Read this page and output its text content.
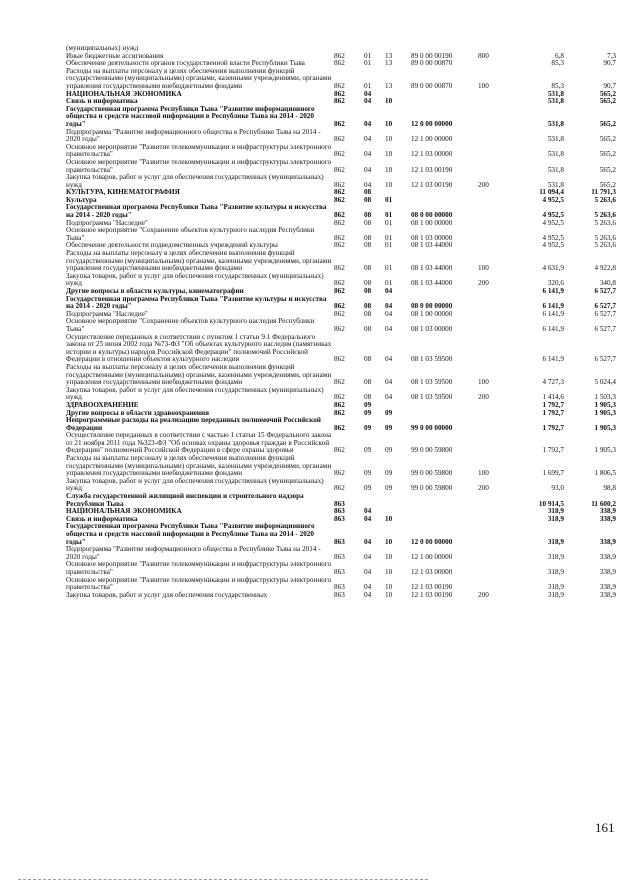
(муниципальных) нужд
Иные бюджетные ассигнования	862	01 13	89 0 00 00190	800	6,8	7,3
Обеспечение деятельности органов государственной власти Республики Тыва	862	01 13	89 0 00 00870	85,3	90,7
Расходы на выплаты персоналу в целях обеспечения выполнения функций государственными (муниципальными) органами, казенными учреждениями, органами управления государственными внебюджетными фондами	862	01 13	89 0 00 00870	100	85,3	90,7
НАЦИОНАЛЬНАЯ ЭКОНОМИКА	862	04	531,8	565,2
Связь и информатика	862	04 10	531,8	565,2
Государственная программа Республики Тыва "Развитие информационного общества и средств массовой информации в Республике Тыва на 2014 - 2020 годы"	862	04 10	12 0 00 00000	531,8	565,2
Подпрограмма "Развитие информационного общества в Республике Тыва на 2014 - 2020 годы"	862	04 10	12 1 00 00000	531,8	565,2
Основное мероприятие "Развитие телекоммуникации и инфраструктуры электронного правительства"	862	04 10	12 1 03 00000	531,8	565,2
Основное мероприятие "Развитие телекоммуникации и инфраструктуры электронного правительства"	862	04 10	12 1 03 00190	531,8	565,2
Закупка товаров, работ и услуг для обеспечения государственных (муниципальных) нужд	862	04 10	12 1 03 00190	200	531,8	565,2
КУЛЬТУРА, КИНЕМАТОГРАФИЯ	862	08	11 094,4	11 791,3
Культура	862	08 01	4 952,5	5 263,6
Государственная программа Республики Тыва "Развитие культуры и искусства на 2014 - 2020 годы"	862	08 01	08 0 00 00000	4 952,5	5 263,6
Подпрограмма "Наследие"	862	08 01	08 1 00 00000	4 952,5	5 263,6
Основное мероприятие "Сохранение объектов культурного наследия Республики Тыва"	862	08 01	08 1 03 00000	4 952,5	5 263,6
Обеспечение деятельности подведомственных учреждений культуры	862	08 01	08 1 03 44000	4 952,5	5 263,6
Расходы на выплаты персоналу в целях обеспечения выполнения функций государственными (муниципальными) органами, казенными учреждениями, органами управления государственными внебюджетными фондами	862	08 01	08 1 03 44000	100	4 631,9	4 922,8
Закупка товаров, работ и услуг для обеспечения государственных (муниципальных) нужд	862	08 01	08 1 03 44000	200	320,6	340,8
Другие вопросы в области культуры, кинематографии	862	08 04	6 141,9	6 527,7
Государственная программа Республики Тыва "Развитие культуры и искусства на 2014 - 2020 годы"	862	08 04	08 0 00 00000	6 141,9	6 527,7
Подпрограмма "Наследие"	862	08 04	08 1 00 00000	6 141,9	6 527,7
Основное мероприятие "Сохранение объектов культурного наследия Республики Тыва"	862	08 04	08 1 03 00000	6 141,9	6 527,7
Осуществление переданных в соответствии с пунктом 1 статьи 9.1 Федерального закона от 25 июня 2002 года №73-ФЗ "Об объектах культурного наследия (памятниках истории и культуры) народов Российской Федерации" полномочий Российской Федерации в отношении объектов культурного наследия	862	08 04	08 1 03 59500	6 141,9	6 527,7
Расходы на выплаты персоналу в целях обеспечения выполнения функций государственными (муниципальными) органами, казенными учреждениями, органами управления государственными внебюджетными фондами	862	08 04	08 1 03 59500	100	4 727,3	5 024,4
Закупка товаров, работ и услуг для обеспечения государственных (муниципальных) нужд	862	08 04	08 1 03 59500	200	1 414,6	1 503,3
ЗДРАВООХРАНЕНИЕ	862	09	1 792,7	1 905,3
Другие вопросы в области здравоохранения	862	09 09	1 792,7	1 905,3
Непрограммные расходы на реализацию переданных полномочий Российской Федерации	862	09 09	99 0 00 00000	1 792,7	1 905,3
Осуществление переданных в соответствии с частью 1 статьи 15 Федерального закона от 21 ноября 2011 года №323-ФЗ "Об основах охраны здоровья граждан в Российской Федерации" полномочий Российской Федерации в сфере охраны здоровья	862	09 09	99 0 00 59800	1 792,7	1 905,3
Расходы на выплаты персоналу в целях обеспечения выполнения функций государственными (муниципальными) органами, казенными учреждениями, органами управления государственными внебюджетными фондами	862	09 09	99 0 00 59800	100	1 699,7	1 806,5
Закупка товаров, работ и услуг для обеспечения государственных (муниципальных) нужд	862	09 09	99 0 00 59800	200	93,0	98,8
Служба государственной жилищной инспекции и строительного надзора Республики Тыва	863	10 914,5	11 600,2
НАЦИОНАЛЬНАЯ ЭКОНОМИКА	863	04	318,9	338,9
Связь и информатика	863	04 10	318,9	338,9
Государственная программа Республики Тыва "Развитие информационного общества и средств массовой информации в Республике Тыва на 2014 - 2020 годы"	863	04 10	12 0 00 00000	318,9	338,9
Подпрограмма "Развитие информационного общества в Республике Тыва на 2014 - 2020 годы"	863	04 10	12 1 00 00000	318,9	338,9
Основное мероприятие "Развитие телекоммуникации и инфраструктуры электронного правительства"	863	04 10	12 1 03 00000	318,9	338,9
Основное мероприятие "Развитие телекоммуникации и инфраструктуры электронного правительства"	863	04 10	12 1 03 00190	318,9	338,9
Закупка товаров, работ и услуг для обеспечения государственных	863	04 10	12 1 03 00190	200	318,9	338,9
161
